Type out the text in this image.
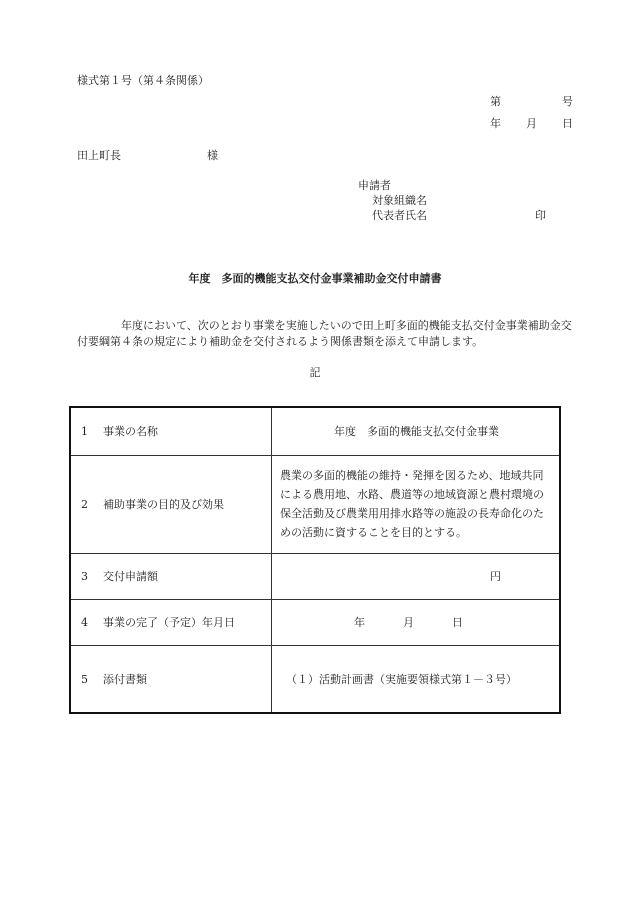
様式第１号（第４条関係）
第	号
年 月 日
田上町長	様
申請者
対象組織名
代表者氏名	印
年度　多面的機能支払交付金事業補助金交付申請書
年度において、次のとおり事業を実施したいので田上町多面的機能支払交付金事業補助金交付要綱第４条の規定により補助金を交付されるよう関係書類を添えて申請します。
記
1 事業の名称	年度　多面的機能支払交付金事業
2 補助事業の目的及び効果	農業の多面的機能の維持・発揮を図るため、地域共同による農用地、水路、農道等の地域資源と農村環境の保全活動及び農業用用排水路等の施設の長寿命化のための活動に資することを目的とする。

3 交付申請額	円
4 事業の完了（予定）年月日	年 月 日
5 添付書類	（１）活動計画書（実施要領様式第１－３号）
